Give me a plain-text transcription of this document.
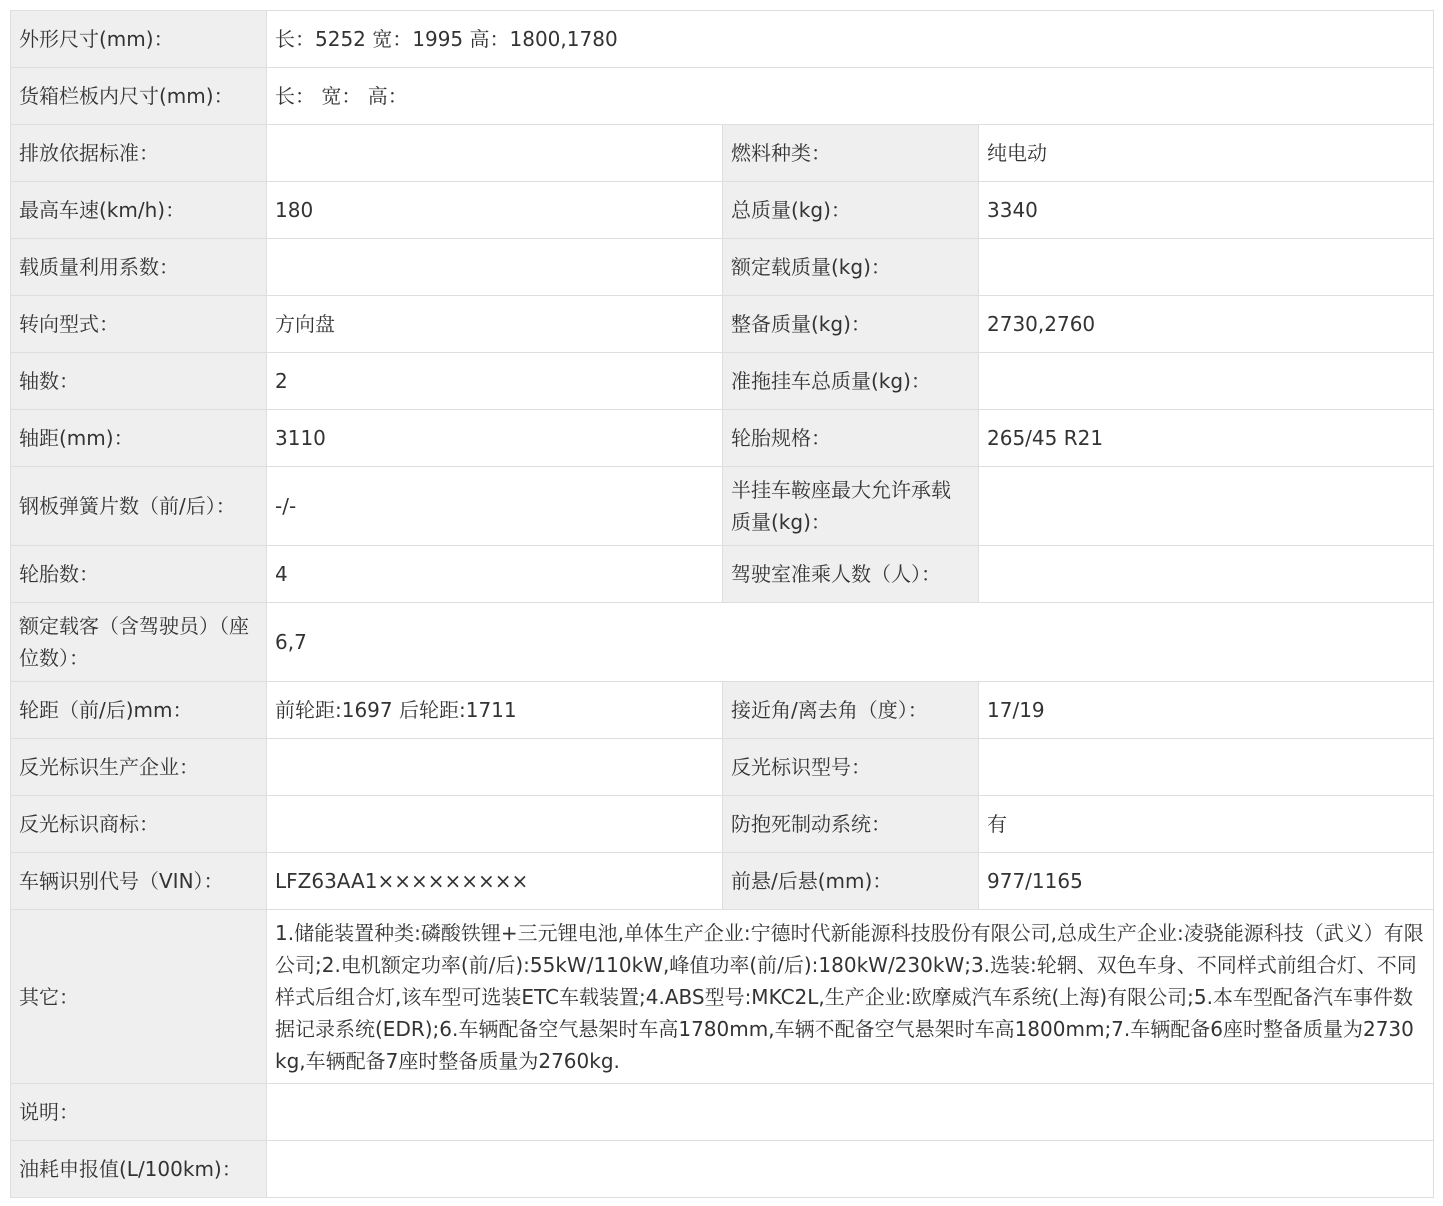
外形尺寸(mm)：	长：5252 宽：1995 高：1800,1780		
货箱栏板内尺寸(mm)：	长： 宽： 高：		
排放依据标准：		燃料种类：	纯电动
最高车速(km/h)：	180	总质量(kg)：	3340
载质量利用系数：		额定载质量(kg)：	
转向型式：	方向盘	整备质量(kg)：	2730,2760
轴数：	2	准拖挂车总质量(kg)：	
轴距(mm)：	3110	轮胎规格：	265/45 R21
钢板弹簧片数（前/后）：	-/-	半挂车鞍座最大允许承载质量(kg)：	
轮胎数：	4	驾驶室准乘人数（人）：	
额定载客（含驾驶员）（座位数）：	6,7		
轮距（前/后)mm：	前轮距:1697 后轮距:1711	接近角/离去角（度）：	17/19
反光标识生产企业：		反光标识型号：	
反光标识商标：		防抱死制动系统：	有
车辆识别代号（VIN）：	LFZ63AA1×××××××××	前悬/后悬(mm)：	977/1165
其它：	1.储能装置种类:磷酸铁锂+三元锂电池,单体生产企业:宁德时代新能源科技股份有限公司,总成生产企业:凌骁能源科技（武义）有限公司;2.电机额定功率(前/后):55kW/110kW,峰值功率(前/后):180kW/230kW;3.选装:轮辋、双色车身、不同样式前组合灯、不同样式后组合灯,该车型可选装ETC车载装置;4.ABS型号:MKC2L,生产企业:欧摩威汽车系统(上海)有限公司;5.本车型配备汽车事件数据记录系统(EDR);6.车辆配备空气悬架时车高1780mm,车辆不配备空气悬架时车高1800mm;7.车辆配备6座时整备质量为2730kg,车辆配备7座时整备质量为2760kg.		
说明：			
油耗申报值(L/100km)：			
